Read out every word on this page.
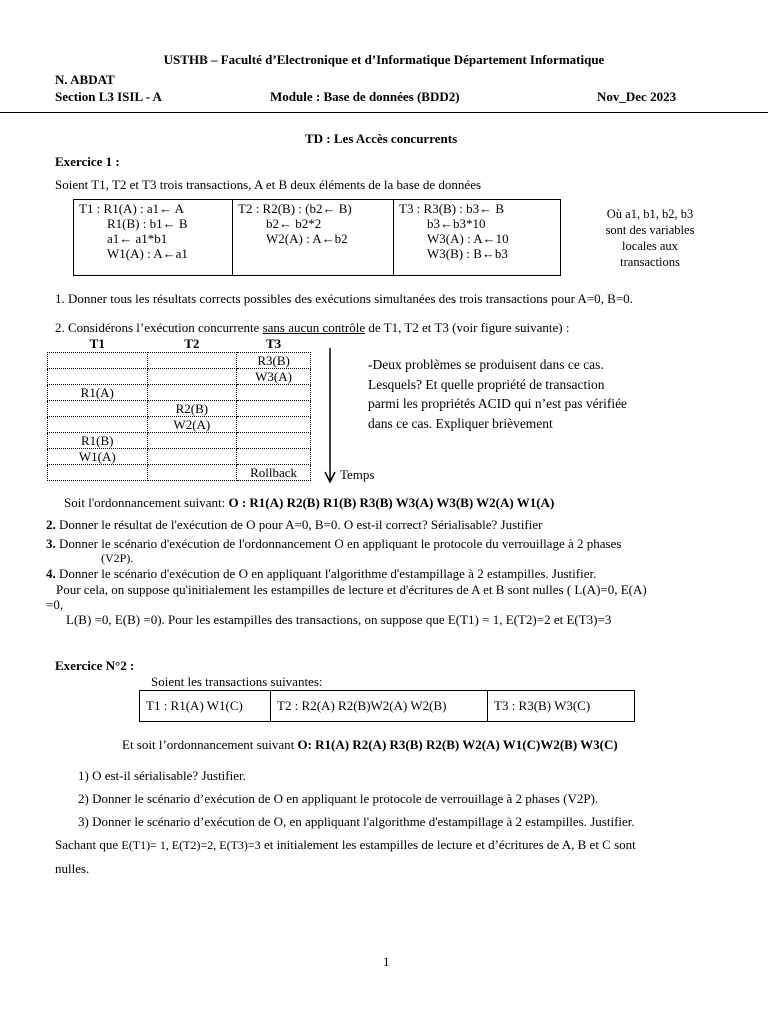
USTHB – Faculté d’Electronique et d’Informatique Département Informatique
N. ABDAT
Section L3 ISIL - A	Module : Base de données (BDD2)	Nov_Dec 2023
TD : Les Accès concurrents
Exercice 1 :
Soient T1, T2 et T3 trois transactions, A et B deux éléments de la base de données
T1 : R1(A) : a1← A
R1(B) : b1← B
a1← a1*b1
W1(A) : A←a1

T2 : R2(B) : (b2← B)
b2← b2*2
W2(A) : A←b2

T3 : R3(B) : b3← B
b3←b3*10
W3(A) : A←10
W3(B) : B←b3
Où a1, b1, b2, b3
sont des variables
locales aux
transactions
1. Donner tous les résultats corrects possibles des exécutions simultanées des trois transactions pour A=0, B=0.
2. Considérons l’exécution concurrente sans aucun contrôle de T1, T2 et T3 (voir figure suivante) :
T1	T2	T3
		R3(B)
		W3(A)
R1(A)		
	R2(B)	
	W2(A)	
R1(B)		
W1(A)		
		Rollback	Temps
-Deux problèmes se produisent dans ce cas.
Lesquels? Et quelle propriété de transaction
parmi les propriétés ACID qui n’est pas vérifiée
dans ce cas. Expliquer brièvement
Soit l'ordonnancement suivant: O : R1(A) R2(B) R1(B) R3(B) W3(A) W3(B) W2(A) W1(A)
2. Donner le résultat de l'exécution de O pour A=0, B=0. O est-il correct? Sérialisable? Justifier
3. Donner le scénario d'exécution de l'ordonnancement O en appliquant le protocole du verrouillage à 2 phases
(V2P).
4. Donner le scénario d'exécution de O en appliquant l'algorithme d'estampillage à 2 estampilles. Justifier.
Pour cela, on suppose qu'initialement les estampilles de lecture et d'écritures de A et B sont nulles ( L(A)=0, E(A)
=0,
L(B) =0, E(B) =0). Pour les estampilles des transactions, on suppose que E(T1) = 1, E(T2)=2 et E(T3)=3
Exercice N°2 :
Soient les transactions suivantes:
T1 : R1(A) W1(C)	T2 : R2(A) R2(B)W2(A) W2(B)	T3 : R3(B) W3(C)
Et soit l’ordonnancement suivant O: R1(A) R2(A) R3(B) R2(B) W2(A) W1(C)W2(B) W3(C)
1) O est-il sérialisable? Justifier.
2) Donner le scénario d’exécution de O en appliquant le protocole de verrouillage à 2 phases (V2P).
3) Donner le scénario d’exécution de O, en appliquant l'algorithme d'estampillage à 2 estampilles. Justifier.
Sachant que E(T1)= 1, E(T2)=2, E(T3)=3 et initialement les estampilles de lecture et d’écritures de A, B et C sont
nulles.
1
